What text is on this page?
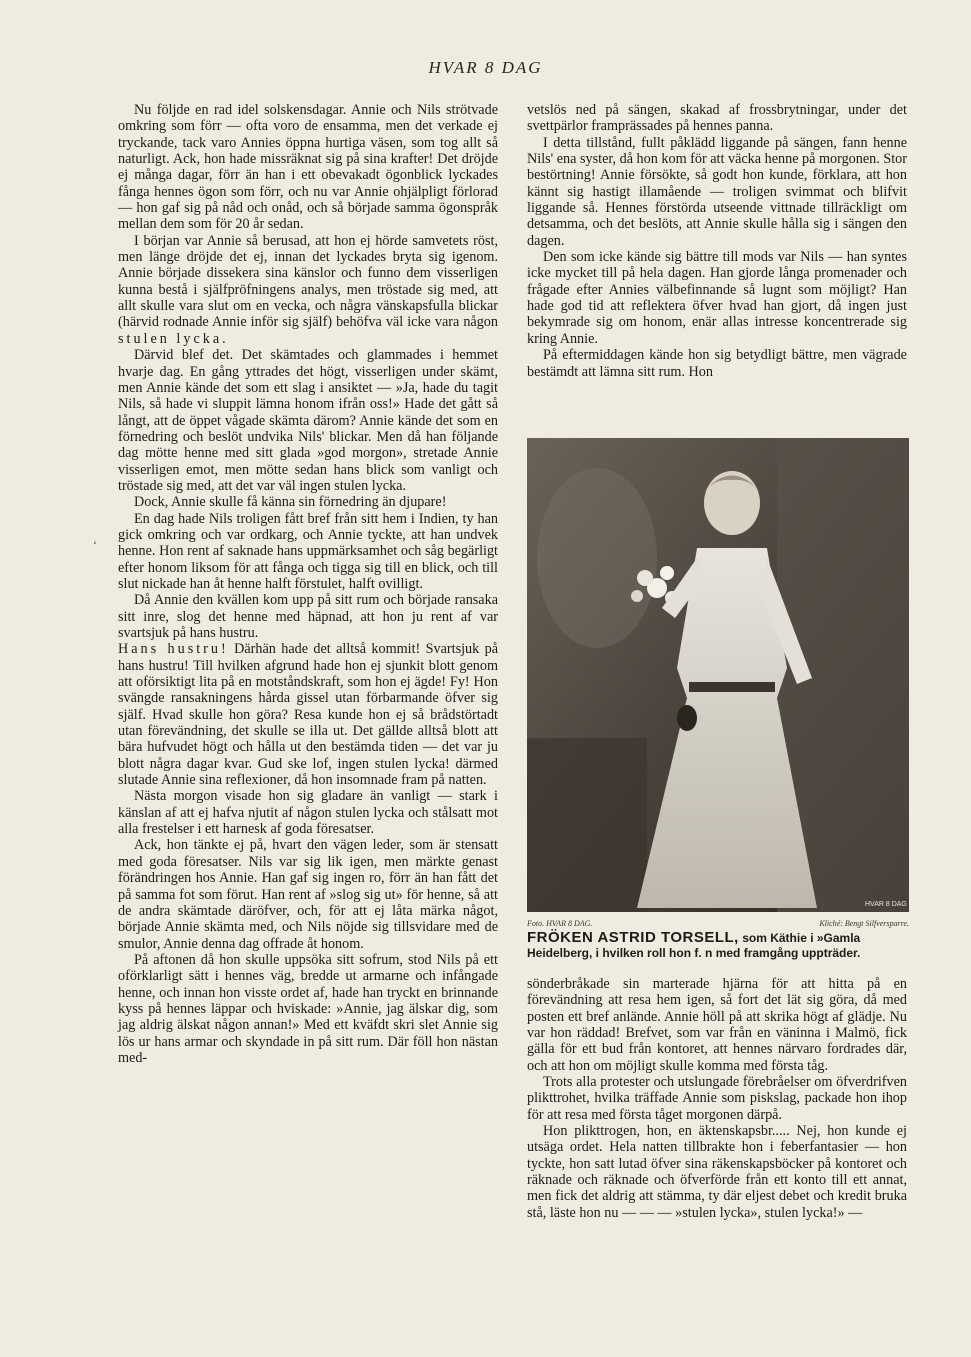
HVAR 8 DAG
‘

Nu följde en rad idel solskensdagar. Annie och Nils strötvade omkring som förr — ofta voro de ensamma, men det verkade ej tryckande, tack varo Annies öppna hurtiga väsen, som tog allt så naturligt. Ack, hon hade missräknat sig på sina krafter! Det dröjde ej många dagar, förr än han i ett obevakadt ögonblick lyckades fånga hennes ögon som förr, och nu var Annie ohjälpligt förlorad — hon gaf sig på nåd och onåd, och så började samma ögonspråk mellan dem som för 20 år sedan.

I början var Annie så berusad, att hon ej hörde samvetets röst, men länge dröjde det ej, innan det lyckades bryta sig igenom. Annie började dissekera sina känslor och funno dem visserligen kunna bestå i själfpröfningens analys, men tröstade sig med, att allt skulle vara slut om en vecka, och några vänskapsfulla blickar (härvid rodnade Annie inför sig själf) behöfva väl icke vara någon stulen lycka.

Därvid blef det. Det skämtades och glammades i hemmet hvarje dag. En gång yttrades det högt, visserligen under skämt, men Annie kände det som ett slag i ansiktet — »Ja, hade du tagit Nils, så hade vi sluppit lämna honom ifrån oss!» Hade det gått så långt, att de öppet vågade skämta därom? Annie kände det som en förnedring och beslöt undvika Nils' blickar. Men då han följande dag mötte henne med sitt glada »god morgon», stretade Annie visserligen emot, men mötte sedan hans blick som vanligt och tröstade sig med, att det var väl ingen stulen lycka.

Dock, Annie skulle få känna sin förnedring än djupare!

En dag hade Nils troligen fått bref från sitt hem i Indien, ty han gick omkring och var ordkarg, och Annie tyckte, att han undvek henne. Hon rent af saknade hans uppmärksamhet och såg begärligt efter honom liksom för att fånga och tigga sig till en blick, och till slut nickade han åt henne halft förstulet, halft ovilligt.

Då Annie den kvällen kom upp på sitt rum och började ransaka sitt inre, slog det henne med häpnad, att hon ju rent af var svartsjuk på hans hustru.

Hans hustru! Därhän hade det alltså kommit! Svartsjuk på hans hustru! Till hvilken afgrund hade hon ej sjunkit blott genom att oförsiktigt lita på en motståndskraft, som hon ej ägde! Fy! Hon svängde ransakningens hårda gissel utan förbarmande öfver sig själf. Hvad skulle hon göra? Resa kunde hon ej så brådstörtadt utan förevändning, det skulle se illa ut. Det gällde alltså blott att bära hufvudet högt och hålla ut den bestämda tiden — det var ju blott några dagar kvar. Gud ske lof, ingen stulen lycka! därmed slutade Annie sina reflexioner, då hon insomnade fram på natten.

Nästa morgon visade hon sig gladare än vanligt — stark i känslan af att ej hafva njutit af någon stulen lycka och stålsatt mot alla frestelser i ett harnesk af goda föresatser.

Ack, hon tänkte ej på, hvart den vägen leder, som är stensatt med goda föresatser. Nils var sig lik igen, men märkte genast förändringen hos Annie. Han gaf sig ingen ro, förr än han fått det på samma fot som förut. Han rent af »slog sig ut» för henne, så att de andra skämtade däröfver, och, för att ej låta märka något, började Annie skämta med, och Nils nöjde sig tillsvidare med de smulor, Annie denna dag offrade åt honom.

På aftonen då hon skulle uppsöka sitt sofrum, stod Nils på ett oförklarligt sätt i hennes väg, bredde ut armarne och infångade henne, och innan hon visste ordet af, hade han tryckt en brinnande kyss på hennes läppar och hviskade: »Annie, jag älskar dig, som jag aldrig älskat någon annan!» Med ett kväfdt skri slet Annie sig lös ur hans armar och skyndade in på sitt rum. Där föll hon nästan med-

vetslös ned på sängen, skakad af frossbrytningar, under det svettpärlor framprässades på hennes panna.

I detta tillstånd, fullt påklädd liggande på sängen, fann henne Nils' ena syster, då hon kom för att väcka henne på morgonen. Stor bestörtning! Annie försökte, så godt hon kunde, förklara, att hon kännt sig hastigt illamående — troligen svimmat och blifvit liggande så. Hennes förstörda utseende vittnade tillräckligt om detsamma, och det beslöts, att Annie skulle hålla sig i sängen den dagen.

Den som icke kände sig bättre till mods var Nils — han syntes icke mycket till på hela dagen. Han gjorde långa promenader och frågade efter Annies välbefinnande så lugnt som möjligt? Han hade god tid att reflektera öfver hvad han gjort, då ingen just bekymrade sig om honom, enär allas intresse koncentrerade sig kring Annie.

På eftermiddagen kände hon sig betydligt bättre, men vägrade bestämdt att lämna sitt rum. Hon

HVAR 8 DAG
Foto. HVAR 8 DAG.	Kliché: Bengt Silfversparre.
FRÖKEN ASTRID TORSELL, som Käthie i »Gamla Heidelberg, i hvilken roll hon f. n med framgång uppträder.

sönderbråkade sin marterade hjärna för att hitta på en förevändning att resa hem igen, så fort det lät sig göra, då med posten ett bref anlände. Annie höll på att skrika högt af glädje. Nu var hon räddad! Brefvet, som var från en väninna i Malmö, fick gälla för ett bud från kontoret, att hennes närvaro fordrades där, och att hon om möjligt skulle komma med första tåg.

Trots alla protester och utslungade förebråelser om öfverdrifven plikttrohet, hvilka träffade Annie som piskslag, packade hon ihop för att resa med första tåget morgonen därpå.

Hon plikttrogen, hon, en äktenskapsbr..... Nej, hon kunde ej utsäga ordet. Hela natten tillbrakte hon i feberfantasier — hon tyckte, hon satt lutad öfver sina räkenskapsböcker på kontoret och räknade och räknade och öfverförde från ett konto till ett annat, men fick det aldrig att stämma, ty där eljest debet och kredit bruka stå, läste hon nu — — — »stulen lycka», stulen lycka!» —
